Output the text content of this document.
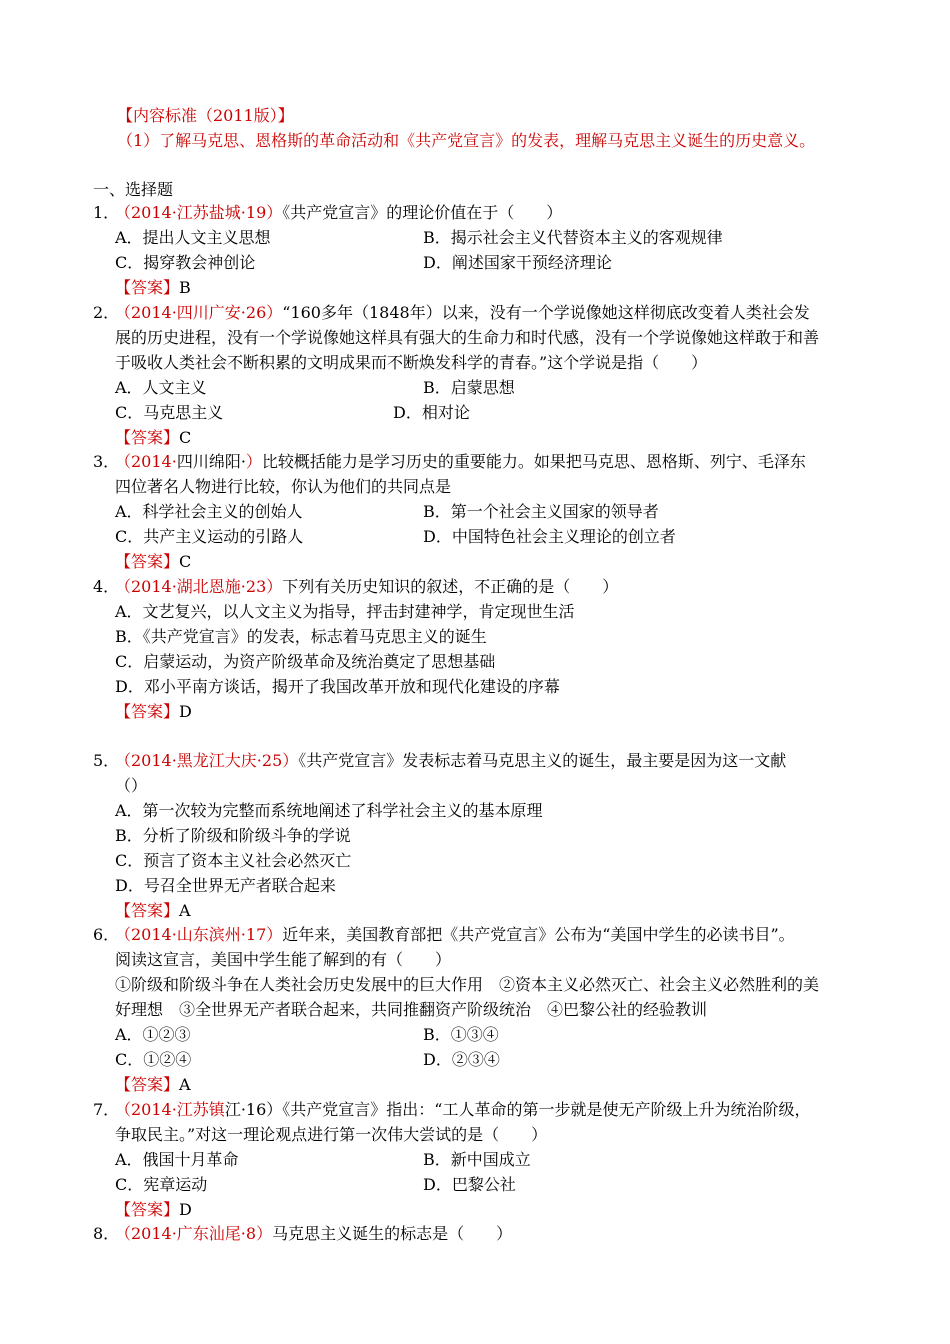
【内容标准（2011版）】
（1）了解马克思、恩格斯的革命活动和《共产党宣言》的发表，理解马克思主义诞生的历史意义。
一、选择题
1．（2014·江苏盐城·19）《共产党宣言》的理论价值在于（　　）
A．提出人文主义思想	B．揭示社会主义代替资本主义的客观规律
C．揭穿教会神创论	D．阐述国家干预经济理论
【答案】B
2．（2014·四川广安·26）“160多年（1848年）以来，没有一个学说像她这样彻底改变着人类社会发
展的历史进程，没有一个学说像她这样具有强大的生命力和时代感，没有一个学说像她这样敢于和善
于吸收人类社会不断积累的文明成果而不断焕发科学的青春。”这个学说是指（　　）
A．人文主义	B．启蒙思想
C．马克思主义	D．相对论
【答案】C
3．（2014·四川绵阳·）比较概括能力是学习历史的重要能力。如果把马克思、恩格斯、列宁、毛泽东
四位著名人物进行比较，你认为他们的共同点是
A．科学社会主义的创始人	B．第一个社会主义国家的领导者
C．共产主义运动的引路人	D．中国特色社会主义理论的创立者
【答案】C
4．（2014·湖北恩施·23）下列有关历史知识的叙述，不正确的是（　　）
A．文艺复兴，以人文主义为指导，抨击封建神学，肯定现世生活
B．《共产党宣言》的发表，标志着马克思主义的诞生
C．启蒙运动，为资产阶级革命及统治奠定了思想基础
D．邓小平南方谈话，揭开了我国改革开放和现代化建设的序幕
【答案】D
5．（2014·黑龙江大庆·25）《共产党宣言》发表标志着马克思主义的诞生，最主要是因为这一文献
（）
A．第一次较为完整而系统地阐述了科学社会主义的基本原理
B．分析了阶级和阶级斗争的学说
C．预言了资本主义社会必然灭亡
D．号召全世界无产者联合起来
【答案】A
6．（2014·山东滨州·17）近年来，美国教育部把《共产党宣言》公布为“美国中学生的必读书目”。
阅读这宣言，美国中学生能了解到的有（　　）
①阶级和阶级斗争在人类社会历史发展中的巨大作用　②资本主义必然灭亡、社会主义必然胜利的美
好理想　③全世界无产者联合起来，共同推翻资产阶级统治　④巴黎公社的经验教训
A．①②③	B．①③④
C．①②④	D．②③④
【答案】A
7．（2014·江苏镇江·16）《共产党宣言》指出：“工人革命的第一步就是使无产阶级上升为统治阶级，
争取民主。”对这一理论观点进行第一次伟大尝试的是（　　）
A．俄国十月革命	B．新中国成立
C．宪章运动	D．巴黎公社
【答案】D
8．（2014·广东汕尾·8）马克思主义诞生的标志是（　　）
